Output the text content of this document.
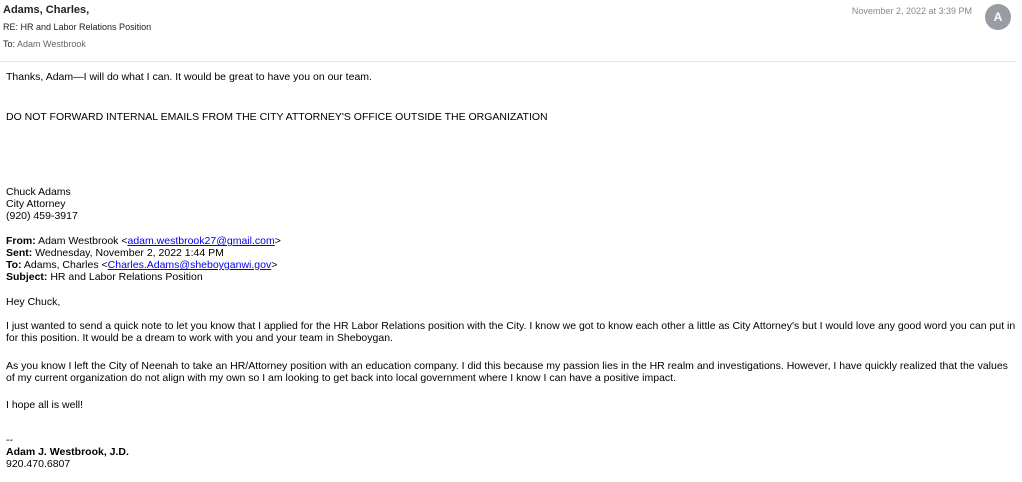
Adams, Charles,
RE: HR and Labor Relations Position
To: Adam Westbrook
November 2, 2022 at 3:39 PM	A
Thanks, Adam—I will do what I can. It would be great to have you on our team.
DO NOT FORWARD INTERNAL EMAILS FROM THE CITY ATTORNEY'S OFFICE OUTSIDE THE ORGANIZATION
Chuck Adams
City Attorney
(920) 459-3917
From: Adam Westbrook <adam.westbrook27@gmail.com>
Sent: Wednesday, November 2, 2022 1:44 PM
To: Adams, Charles <Charles.Adams@sheboyganwi.gov>
Subject: HR and Labor Relations Position
Hey Chuck,
I just wanted to send a quick note to let you know that I applied for the HR Labor Relations position with the City. I know we got to know each other a little as City Attorney's but I would love any good word you can put in for this position. It would be a dream to work with you and your team in Sheboygan.
As you know I left the City of Neenah to take an HR/Attorney position with an education company. I did this because my passion lies in the HR realm and investigations. However, I have quickly realized that the values of my current organization do not align with my own so I am looking to get back into local government where I know I can have a positive impact.
I hope all is well!
--
Adam J. Westbrook, J.D.
920.470.6807
